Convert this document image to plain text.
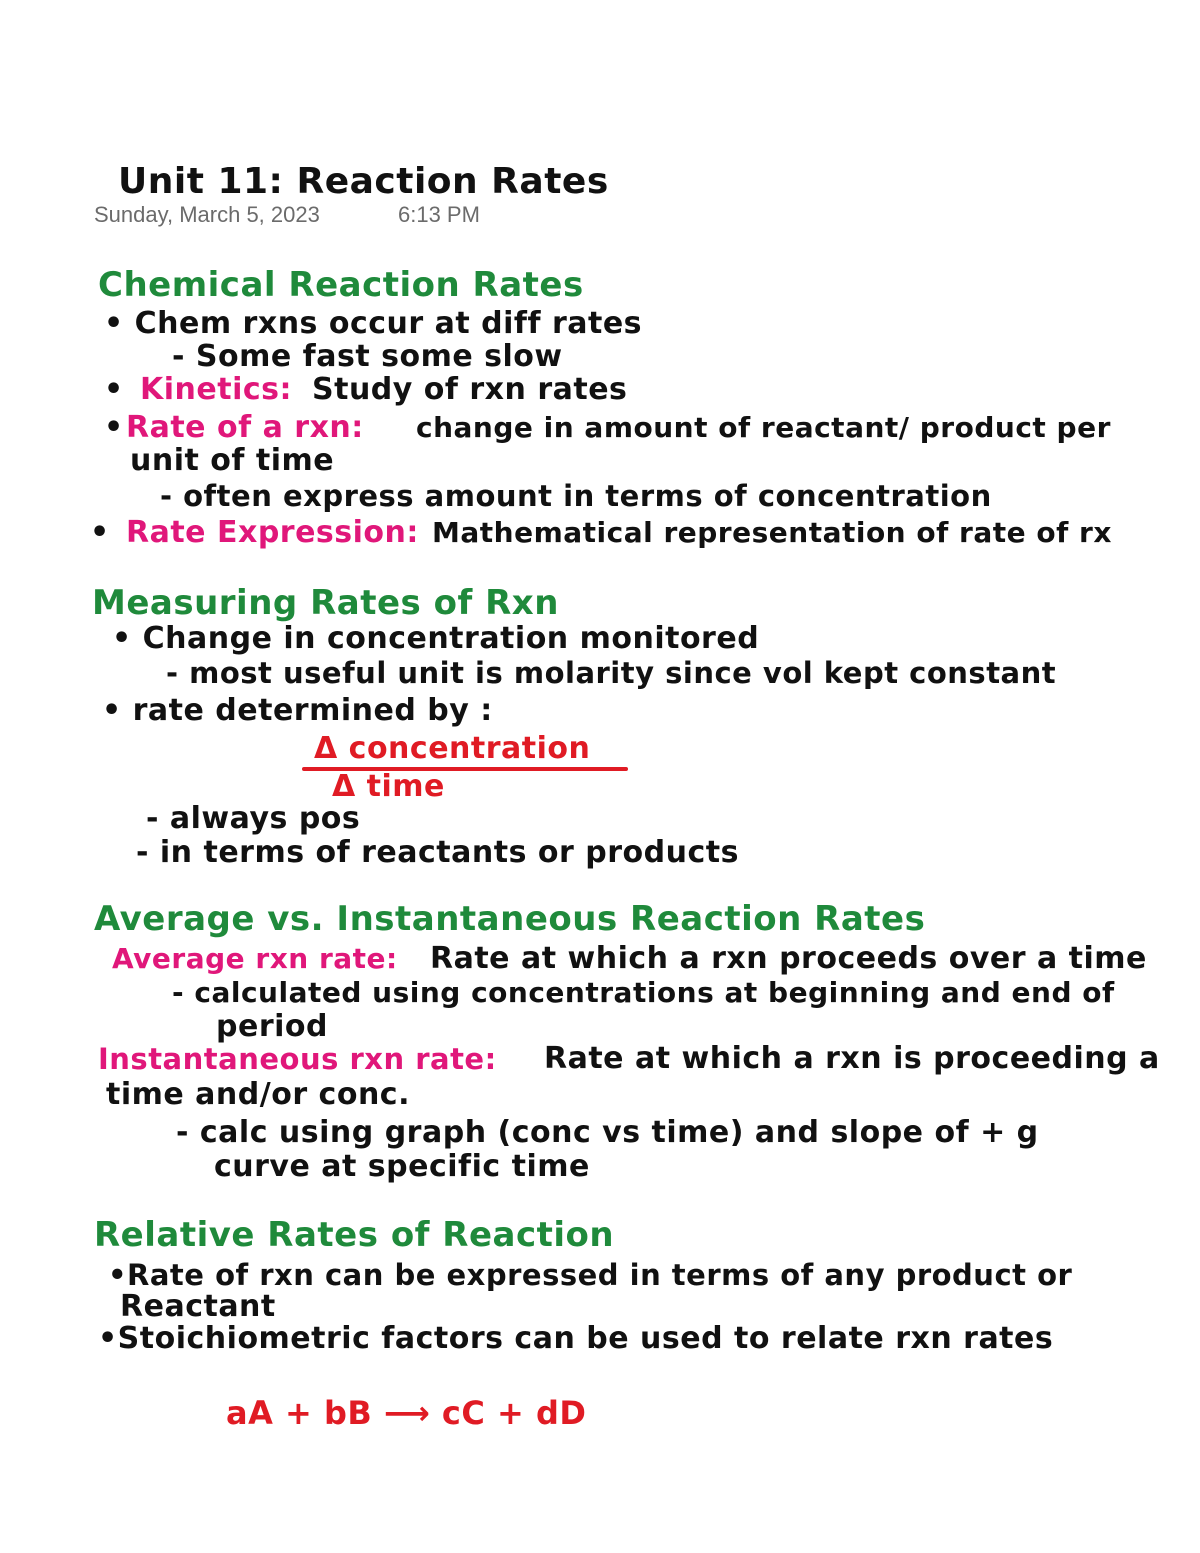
Unit 11: Reaction Rates
Sunday, March 5, 2023	6:13 PM
Chemical Reaction Rates
• Chem rxns occur at diff rates
- Some fast some slow
• Kinetics: Study of rxn rates
• Rate of a rxn: change in amount of reactant/ product per
unit of time
- often express amount in terms of concentration
• Rate Expression: Mathematical representation of rate of rx
Measuring Rates of Rxn
• Change in concentration monitored
- most useful unit is molarity since vol kept constant
• rate determined by :
Δ concentration
Δ time
- always pos
- in terms of reactants or products
Average vs. Instantaneous Reaction Rates
Average rxn rate: Rate at which a rxn proceeds over a time
- calculated using concentrations at beginning and end of
period
Instantaneous rxn rate: Rate at which a rxn is proceeding a
time and/or conc.
- calc using graph (conc vs time) and slope of + g
curve at specific time
Relative Rates of Reaction
•Rate of rxn can be expressed in terms of any product or
Reactant
•Stoichiometric factors can be used to relate rxn rates
aA + bB ⟶ cC + dD
